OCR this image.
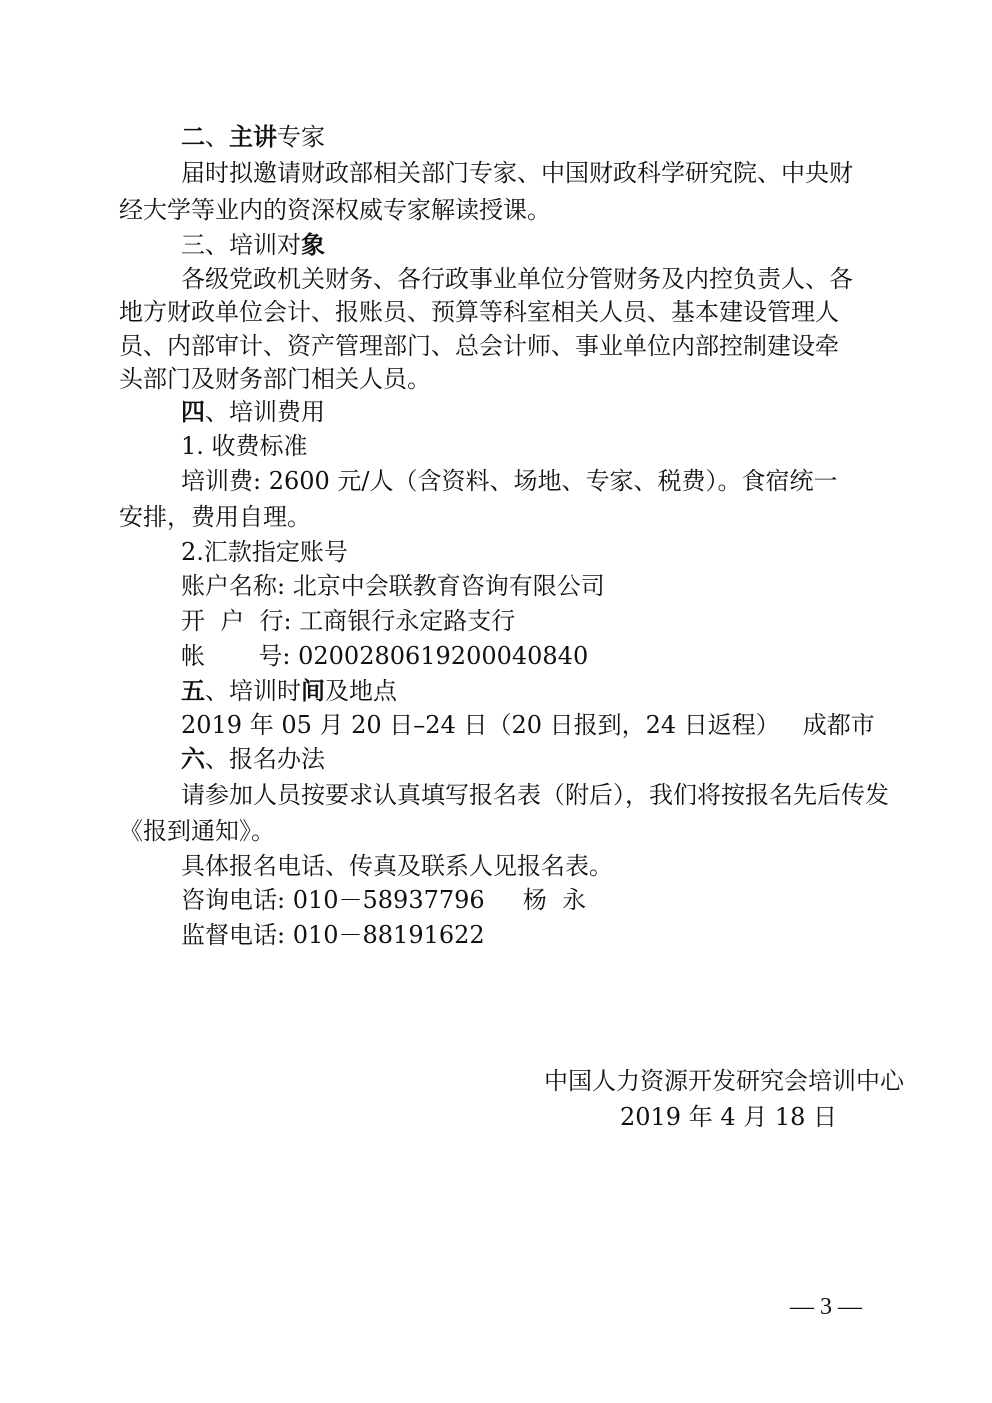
二、主讲专家
届时拟邀请财政部相关部门专家、中国财政科学研究院、中央财
经大学等业内的资深权威专家解读授课。
三、培训对象
各级党政机关财务、各行政事业单位分管财务及内控负责人、各
地方财政单位会计、报账员、预算等科室相关人员、基本建设管理人
员、内部审计、资产管理部门、总会计师、事业单位内部控制建设牵
头部门及财务部门相关人员。
四、培训费用
1. 收费标准
培训费: 2600 元/人（含资料、场地、专家、税费）。食宿统一
安排，费用自理。
2.汇款指定账号
账户名称: 北京中会联教育咨询有限公司
开  户  行: 工商银行永定路支行
帐       号: 0200280619200040840
五、培训时间及地点
2019 年 05 月 20 日–24 日（20 日报到，24 日返程）   成都市
六、报名办法
请参加人员按要求认真填写报名表（附后），我们将按报名先后传发
《报到通知》。
具体报名电话、传真及联系人见报名表。
咨询电话: 010－58937796     杨  永
监督电话: 010－88191622
中国人力资源开发研究会培训中心
2019 年 4 月 18 日
— 3 —
